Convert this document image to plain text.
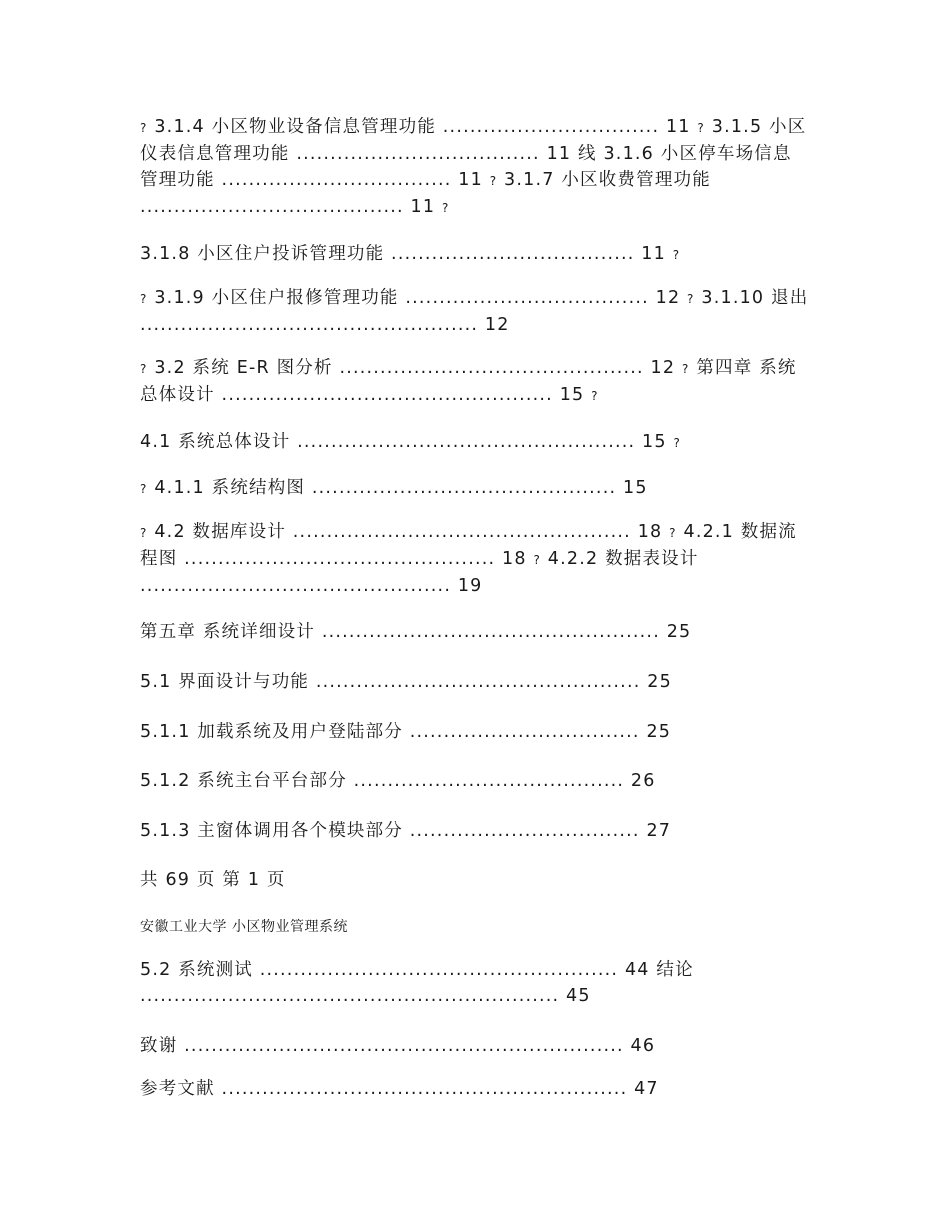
? 3.1.4 小区物业设备信息管理功能 ................................ 11 ? 3.1.5 小区仪表信息管理功能 .................................... 11 线 3.1.6 小区停车场信息管理功能 .................................. 11 ? 3.1.7 小区收费管理功能 ....................................... 11 ?
3.1.8 小区住户投诉管理功能 .................................... 11 ?
? 3.1.9 小区住户报修管理功能 .................................... 12 ? 3.1.10 退出 .................................................. 12
? 3.2 系统 E-R 图分析 ............................................. 12 ? 第四章 系统总体设计 ................................................. 15 ?
4.1 系统总体设计 .................................................. 15 ?
? 4.1.1 系统结构图 ............................................. 15
? 4.2 数据库设计 .................................................. 18 ? 4.2.1 数据流程图 .............................................. 18 ? 4.2.2 数据表设计 .............................................. 19
第五章 系统详细设计 .................................................. 25
5.1 界面设计与功能 ................................................ 25
5.1.1 加载系统及用户登陆部分 .................................. 25
5.1.2 系统主台平台部分 ........................................ 26
5.1.3 主窗体调用各个模块部分 .................................. 27
共 69 页 第 1 页
安徽工业大学 小区物业管理系统
5.2 系统测试 ..................................................... 44 结论 .............................................................. 45
致谢 ................................................................. 46
参考文献 ............................................................ 47
